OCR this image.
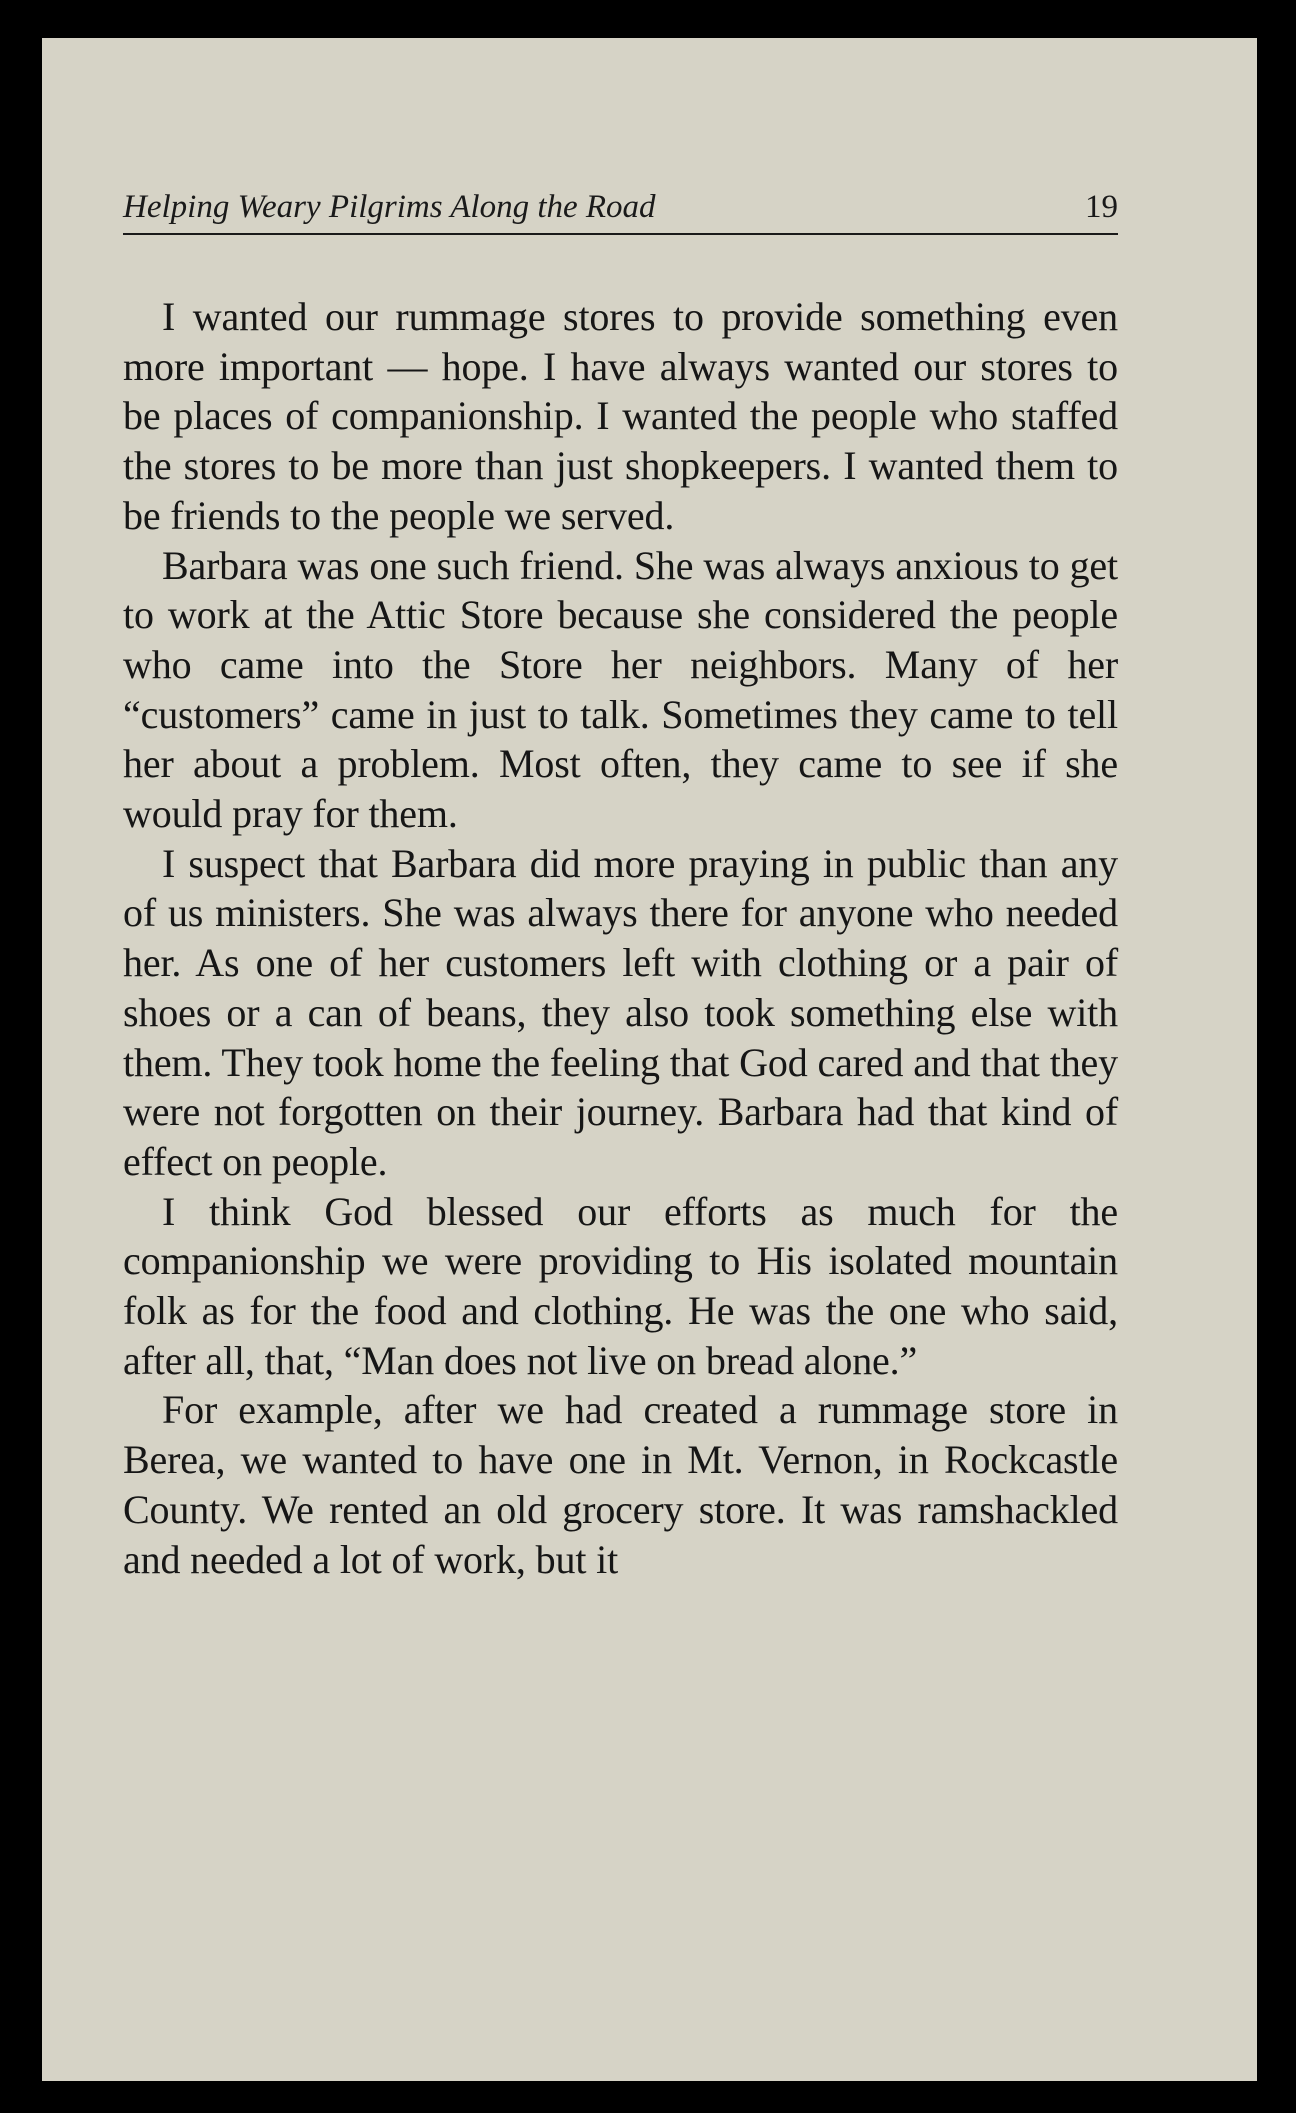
Helping Weary Pilgrims Along the Road	19

I wanted our rummage stores to provide something even more important — hope. I have always wanted our stores to be places of companionship. I wanted the people who staffed the stores to be more than just shopkeepers. I wanted them to be friends to the people we served.

Barbara was one such friend. She was always anxious to get to work at the Attic Store because she considered the people who came into the Store her neighbors. Many of her “customers” came in just to talk. Sometimes they came to tell her about a problem. Most often, they came to see if she would pray for them.

I suspect that Barbara did more praying in public than any of us ministers. She was always there for anyone who needed her. As one of her customers left with clothing or a pair of shoes or a can of beans, they also took something else with them. They took home the feeling that God cared and that they were not forgotten on their journey. Barbara had that kind of effect on people.

I think God blessed our efforts as much for the companionship we were providing to His isolated mountain folk as for the food and clothing. He was the one who said, after all, that, “Man does not live on bread alone.”

For example, after we had created a rummage store in Berea, we wanted to have one in Mt. Vernon, in Rockcastle County. We rented an old grocery store. It was ramshackled and needed a lot of work, but it
